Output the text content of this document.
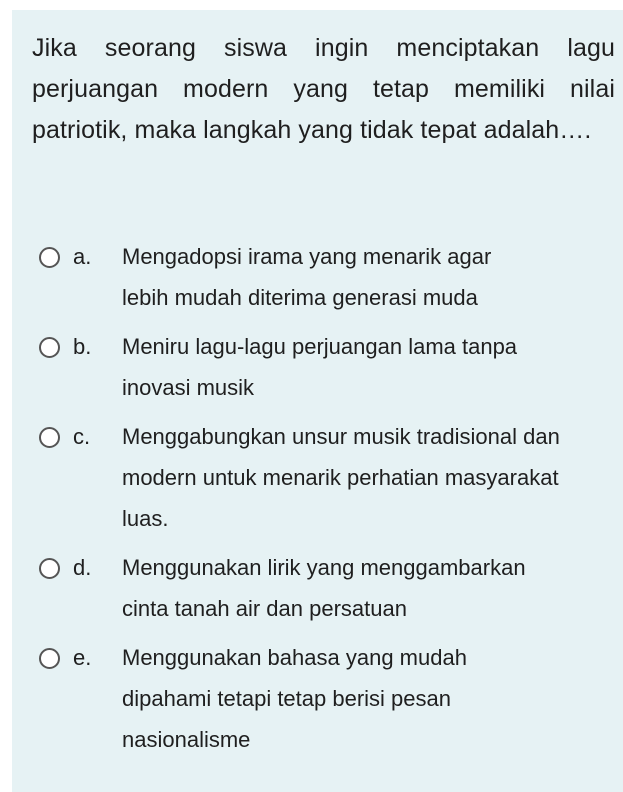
Jika seorang siswa ingin menciptakan lagu perjuangan modern yang tetap memiliki nilai patriotik, maka langkah yang tidak tepat adalah….

a. Mengadopsi irama yang menarik agar lebih mudah diterima generasi muda
b. Meniru lagu-lagu perjuangan lama tanpa inovasi musik
c. Menggabungkan unsur musik tradisional dan modern untuk menarik perhatian masyarakat luas.
d. Menggunakan lirik yang menggambarkan cinta tanah air dan persatuan
e. Menggunakan bahasa yang mudah dipahami tetapi tetap berisi pesan nasionalisme
